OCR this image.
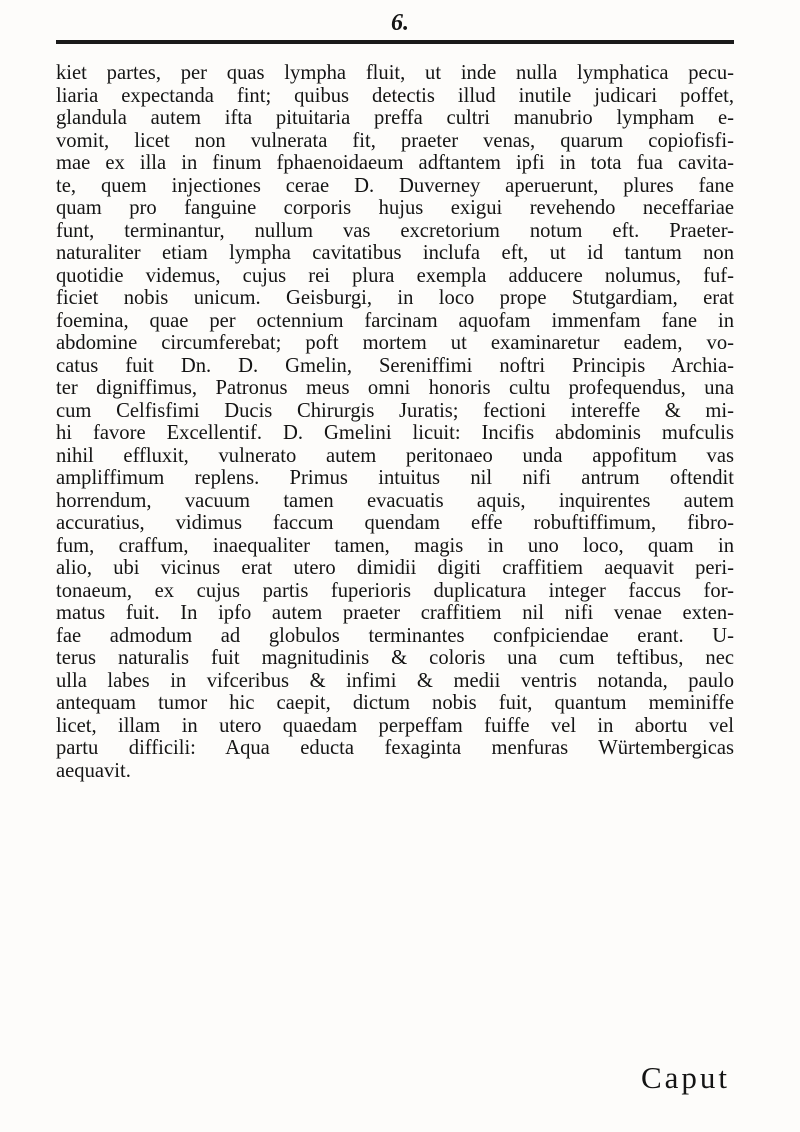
6.
kiet partes, per quas lympha fluit, ut inde nulla lymphatica pecu-
liaria expectanda fint; quibus detectis illud inutile judicari poffet,
glandula autem ifta pituitaria preffa cultri manubrio lympham e-
vomit, licet non vulnerata fit, praeter venas, quarum copiofisfi-
mae ex illa in finum fphaenoidaeum adftantem ipfi in tota fua cavita-
te, quem injectiones cerae D. Duverney aperuerunt, plures fane
quam pro fanguine corporis hujus exigui revehendo neceffariae
funt, terminantur, nullum vas excretorium notum eft. Praeter-
naturaliter etiam lympha cavitatibus inclufa eft, ut id tantum non
quotidie videmus, cujus rei plura exempla adducere nolumus, fuf-
ficiet nobis unicum. Geisburgi, in loco prope Stutgardiam, erat
foemina, quae per octennium farcinam aquofam immenfam fane in
abdomine circumferebat; poft mortem ut examinaretur eadem, vo-
catus fuit Dn. D. Gmelin, Sereniffimi noftri Principis Archia-
ter digniffimus, Patronus meus omni honoris cultu profequendus, una
cum Celfisfimi Ducis Chirurgis Juratis; fectioni intereffe & mi-
hi favore Excellentif. D. Gmelini licuit: Incifis abdominis mufculis
nihil effluxit, vulnerato autem peritonaeo unda appofitum vas
ampliffimum replens. Primus intuitus nil nifi antrum oftendit
horrendum, vacuum tamen evacuatis aquis, inquirentes autem
accuratius, vidimus faccum quendam effe robuftiffimum, fibro-
fum, craffum, inaequaliter tamen, magis in uno loco, quam in
alio, ubi vicinus erat utero dimidii digiti craffitiem aequavit peri-
tonaeum, ex cujus partis fuperioris duplicatura integer faccus for-
matus fuit. In ipfo autem praeter craffitiem nil nifi venae exten-
fae admodum ad globulos terminantes confpiciendae erant. U-
terus naturalis fuit magnitudinis & coloris una cum teftibus, nec
ulla labes in vifceribus & infimi & medii ventris notanda, paulo
antequam tumor hic caepit, dictum nobis fuit, quantum meminiffe
licet, illam in utero quaedam perpeffam fuiffe vel in abortu vel
partu difficili: Aqua educta fexaginta menfuras Würtembergicas
aequavit.
Caput
